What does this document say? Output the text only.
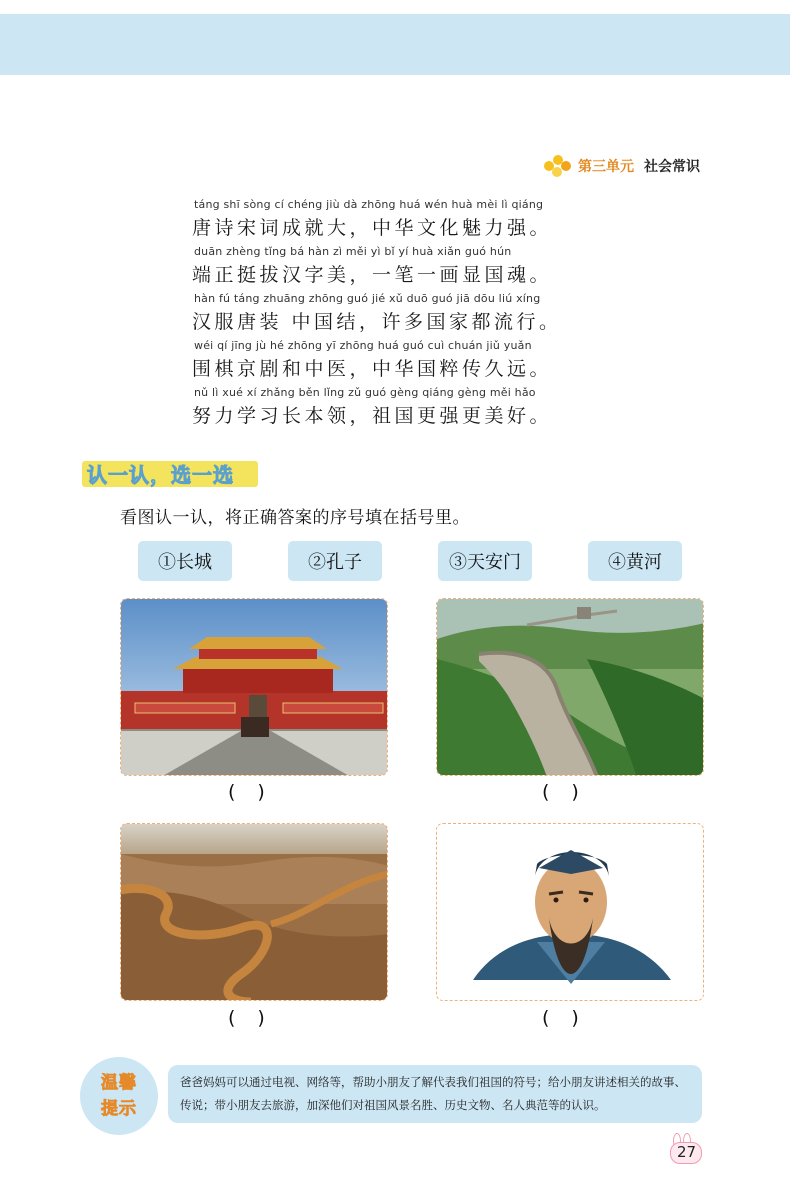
第三单元 社会常识
táng shī sòng cí chéng jiù dà zhōng huá wén huà mèi lì qiáng
唐诗宋词成就大，中华文化魅力强。
duān zhèng tǐng bá hàn zì měi yì bǐ yí huà xiǎn guó hún
端正挺拔汉字美，一笔一画显国魂。
hàn fú táng zhuāng zhōng guó jié xǔ duō guó jiā dōu liú xíng
汉服唐装 中国结，许多国家都流行。
wéi qí jīng jù hé zhōng yī zhōng huá guó cuì chuán jiǔ yuǎn
围棋京剧和中医，中华国粹传久远。
nǔ lì xué xí zhǎng běn lǐng zǔ guó gèng qiáng gèng měi hǎo
努力学习长本领，祖国更强更美好。
认一认，选一选
看图认一认，将正确答案的序号填在括号里。
①长城	②孔子	③天安门	④黄河
()	()
()	()
温馨
提示
爸爸妈妈可以通过电视、网络等，帮助小朋友了解代表我们祖国的符号；给小朋友讲述相关的故事、传说；带小朋友去旅游，加深他们对祖国风景名胜、历史文物、名人典范等的认识。
27
